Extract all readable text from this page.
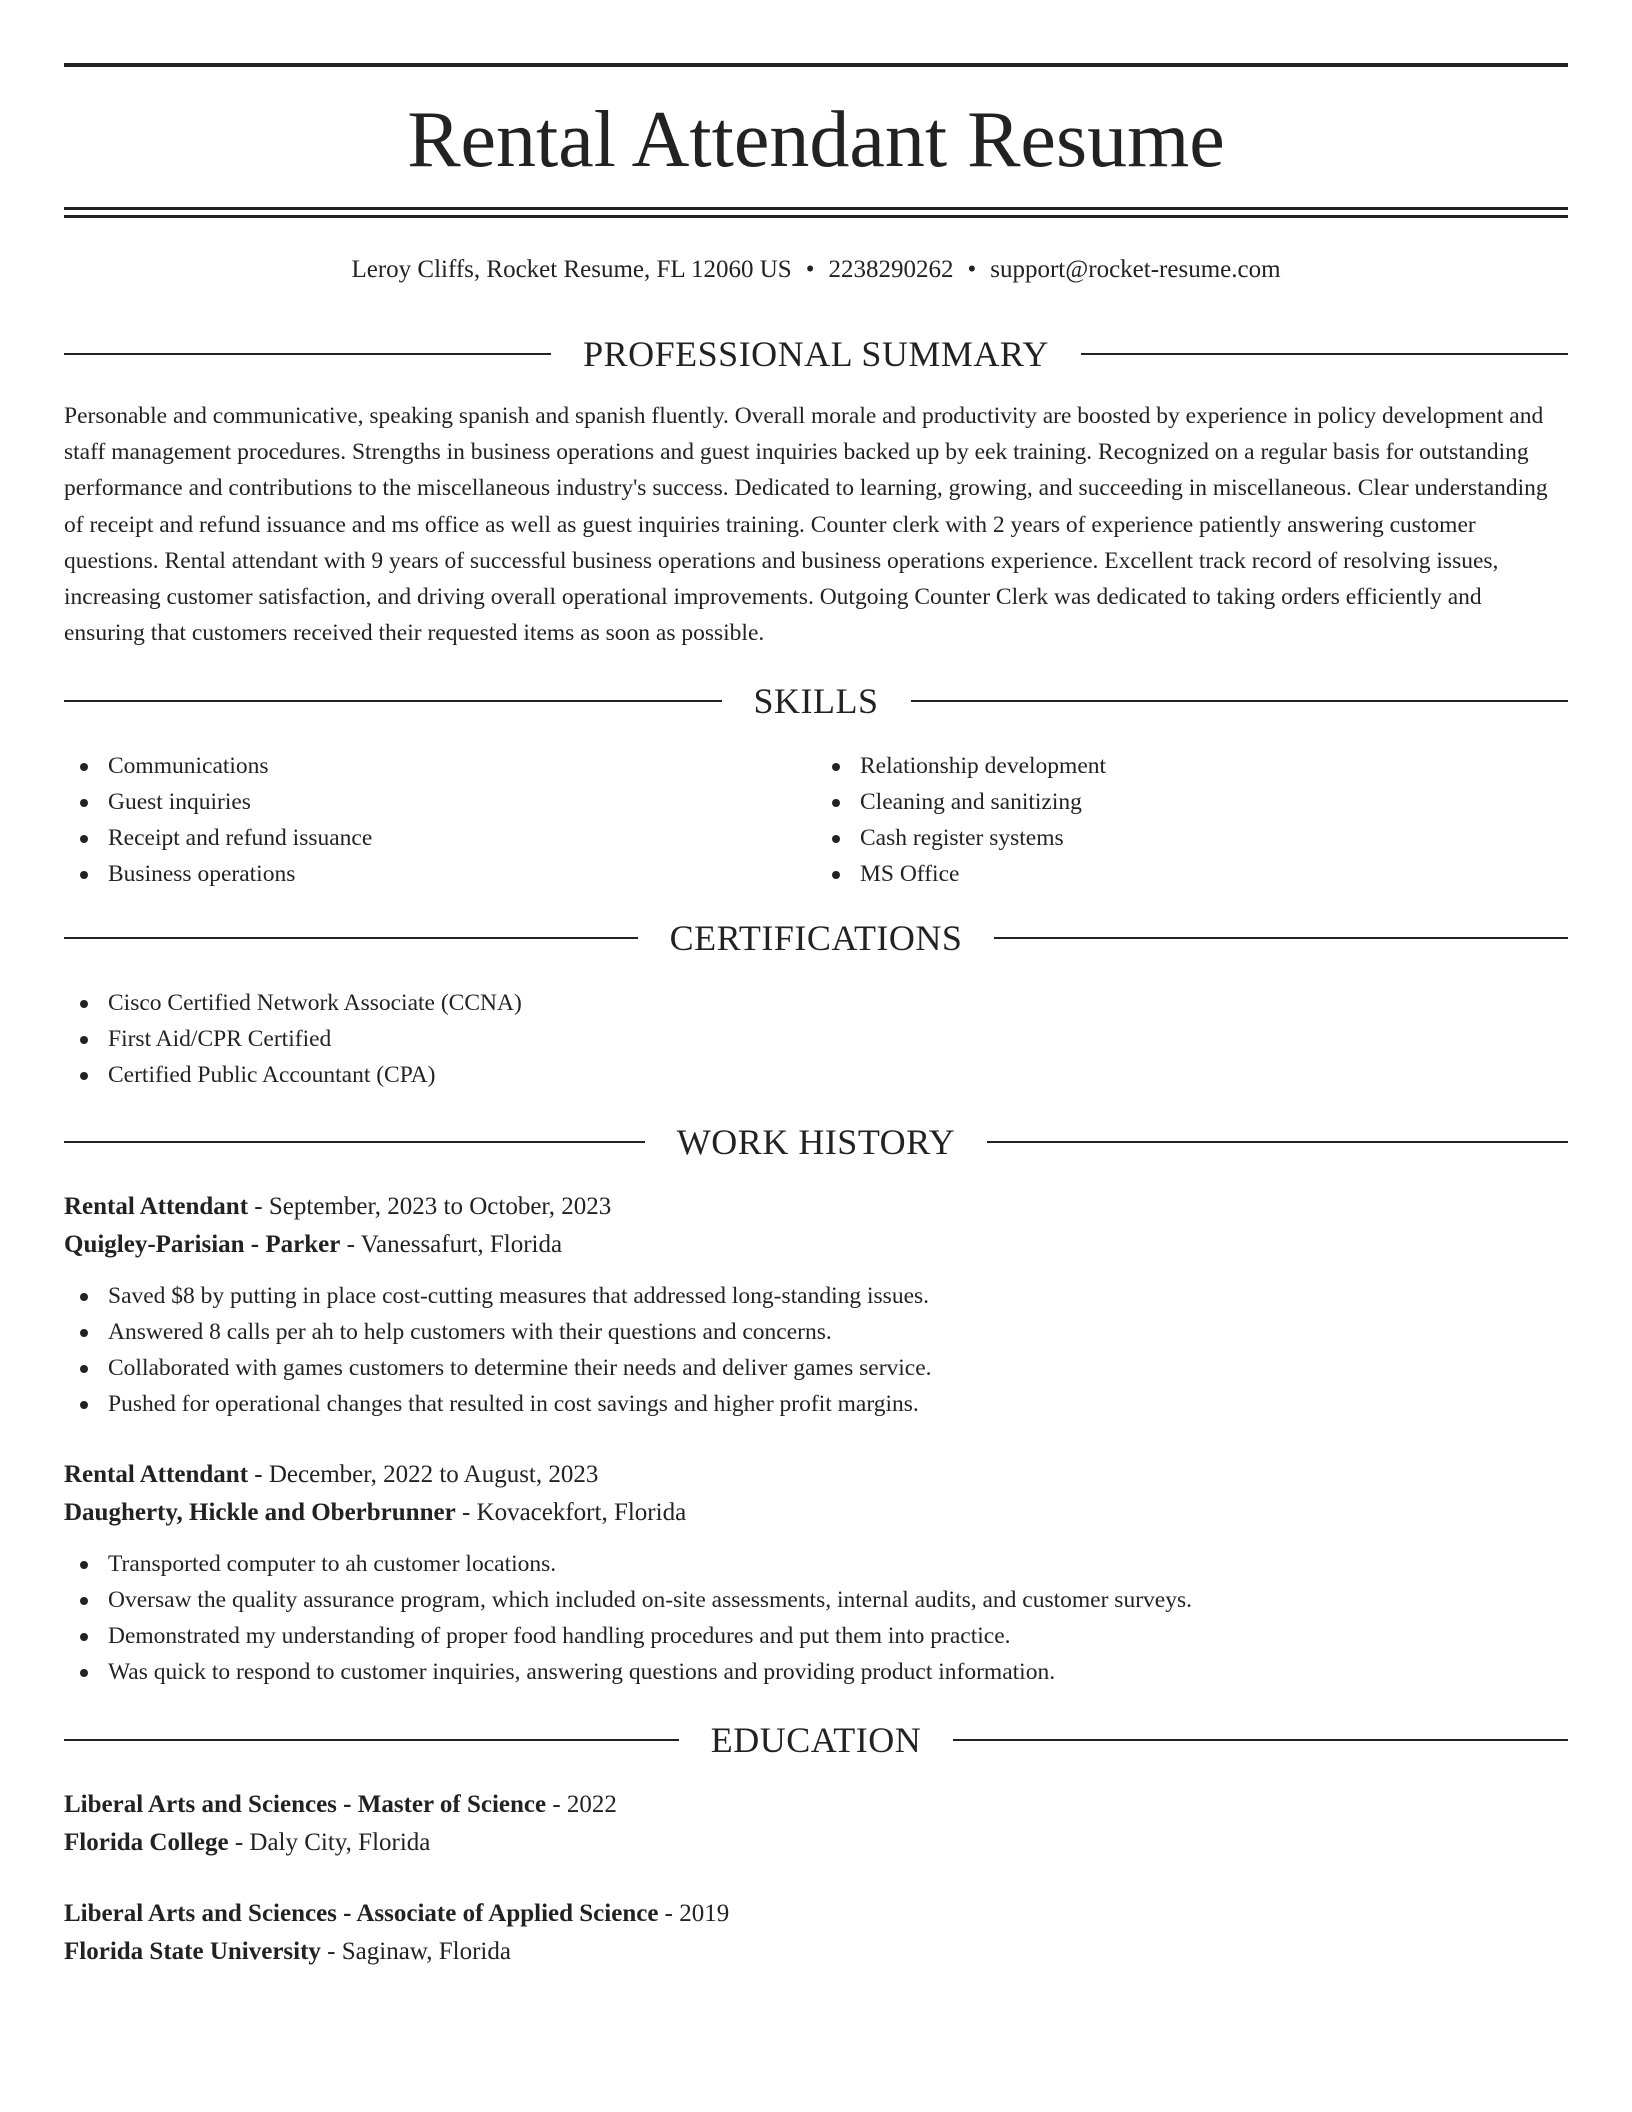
Rental Attendant Resume
Leroy Cliffs, Rocket Resume, FL 12060 US • 2238290262 • support@rocket-resume.com
PROFESSIONAL SUMMARY

Personable and communicative, speaking spanish and spanish fluently. Overall morale and productivity are boosted by experience in policy development and staff management procedures. Strengths in business operations and guest inquiries backed up by eek training. Recognized on a regular basis for outstanding performance and contributions to the miscellaneous industry's success. Dedicated to learning, growing, and succeeding in miscellaneous. Clear understanding of receipt and refund issuance and ms office as well as guest inquiries training. Counter clerk with 2 years of experience patiently answering customer questions. Rental attendant with 9 years of successful business operations and business operations experience. Excellent track record of resolving issues, increasing customer satisfaction, and driving overall operational improvements. Outgoing Counter Clerk was dedicated to taking orders efficiently and ensuring that customers received their requested items as soon as possible.

SKILLS
Communications
Guest inquiries
Receipt and refund issuance
Business operations
Relationship development
Cleaning and sanitizing
Cash register systems
MS Office
CERTIFICATIONS
Cisco Certified Network Associate (CCNA)
First Aid/CPR Certified
Certified Public Accountant (CPA)
WORK HISTORY
Rental Attendant - September, 2023 to October, 2023
Quigley-Parisian - Parker - Vanessafurt, Florida
Saved $8 by putting in place cost-cutting measures that addressed long-standing issues.
Answered 8 calls per ah to help customers with their questions and concerns.
Collaborated with games customers to determine their needs and deliver games service.
Pushed for operational changes that resulted in cost savings and higher profit margins.
Rental Attendant - December, 2022 to August, 2023
Daugherty, Hickle and Oberbrunner - Kovacekfort, Florida
Transported computer to ah customer locations.
Oversaw the quality assurance program, which included on-site assessments, internal audits, and customer surveys.
Demonstrated my understanding of proper food handling procedures and put them into practice.
Was quick to respond to customer inquiries, answering questions and providing product information.
EDUCATION
Liberal Arts and Sciences - Master of Science - 2022
Florida College - Daly City, Florida
Liberal Arts and Sciences - Associate of Applied Science - 2019
Florida State University - Saginaw, Florida
